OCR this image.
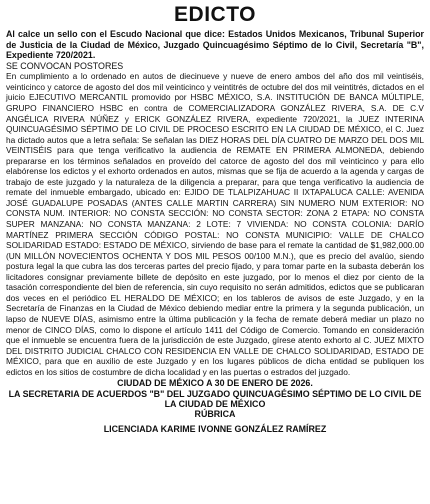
EDICTO

Al calce un sello con el Escudo Nacional que dice: Estados Unidos Mexicanos, Tribunal Superior de Justicia de la Ciudad de México, Juzgado Quincuagésimo Séptimo de lo Civil, Secretaría "B", Expediente 720/2021.

SE CONVOCAN POSTORES

En cumplimiento a lo ordenado en autos de diecinueve y nueve de enero ambos del año dos mil veintiséis, veinticinco y catorce de agosto del dos mil veinticinco y veintitrés de octubre del dos mil veintitrés, dictados en el juicio EJECUTIVO MERCANTIL promovido por HSBC MÉXICO, S.A. INSTITUCIÓN DE BANCA MÚLTIPLE, GRUPO FINANCIERO HSBC en contra de COMERCIALIZADORA GONZÁLEZ RIVERA, S.A. DE C.V ANGÉLICA RIVERA NÚÑEZ y ERICK GONZÁLEZ RIVERA, expediente 720/2021, la JUEZ INTERINA QUINCUAGÉSIMO SÉPTIMO DE LO CIVIL DE PROCESO ESCRITO EN LA CIUDAD DE MÉXICO, el C. Juez ha dictado autos que a letra señala: Se señalan las DIEZ HORAS DEL DÍA CUATRO DE MARZO DEL DOS MIL VEINTISÉIS para que tenga verificativo la audiencia de REMATE EN PRIMERA ALMONEDA, debiendo prepararse en los términos señalados en proveído del catorce de agosto del dos mil veinticinco y para ello elabórense los edictos y el exhorto ordenados en autos, mismas que se fija de acuerdo a la agenda y cargas de trabajo de este juzgado y la naturaleza de la diligencia a preparar, para que tenga verificativo la audiencia de remate del inmueble embargado, ubicado en: EJIDO DE TLALPIZAHUAC II IXTAPALUCA CALLE: AVENIDA JOSÉ GUADALUPE POSADAS (ANTES CALLE MARTIN CARRERA) SIN NUMERO NUM EXTERIOR: NO CONSTA NUM. INTERIOR: NO CONSTA SECCIÓN: NO CONSTA SECTOR: ZONA 2 ETAPA: NO CONSTA SUPER MANZANA: NO CONSTA MANZANA: 2 LOTE: 7 VIVIENDA: NO CONSTA COLONIA: DARÍO MARTÍNEZ PRIMERA SECCIÓN CÓDIGO POSTAL: NO CONSTA MUNICIPIO: VALLE DE CHALCO SOLIDARIDAD ESTADO: ESTADO DE MÉXICO, sirviendo de base para el remate la cantidad de $1,982,000.00 (UN MILLÓN NOVECIENTOS OCHENTA Y DOS MIL PESOS 00/100 M.N.), que es precio del avalúo, siendo postura legal la que cubra las dos terceras partes del precio fijado, y para tomar parte en la subasta deberán los licitadores consignar previamente billete de depósito en este juzgado, por lo menos el diez por ciento de la tasación correspondiente del bien de referencia, sin cuyo requisito no serán admitidos, edictos que se publicaran dos veces en el periódico EL HERALDO DE MÉXICO; en los tableros de avisos de este Juzgado, y en la Secretaría de Finanzas en la Ciudad de México debiendo mediar entre la primera y la segunda publicación, un lapso de NUEVE DÍAS, asimismo entre la última publicación y la fecha de remate deberá mediar un plazo no menor de CINCO DÍAS, como lo dispone el artículo 1411 del Código de Comercio. Tomando en consideración que el inmueble se encuentra fuera de la jurisdicción de este Juzgado, gírese atento exhorto al C. JUEZ MIXTO DEL DISTRITO JUDICIAL CHALCO CON RESIDENCIA EN VALLE DE CHALCO SOLIDARIDAD, ESTADO DE MÉXICO, para que en auxilio de este Juzgado y en los lugares públicos de dicha entidad se publiquen los edictos en los sitios de costumbre de dicha localidad y en las puertas o estrados del juzgado.

CIUDAD DE MÉXICO A 30 DE ENERO DE 2026.

LA SECRETARIA DE ACUERDOS "B" DEL JUZGADO QUINCUAGÉSIMO SÉPTIMO DE LO CIVIL DE LA CIUDAD DE MÉXICO

RÚBRICA

LICENCIADA KARIME IVONNE GONZÁLEZ RAMÍREZ
